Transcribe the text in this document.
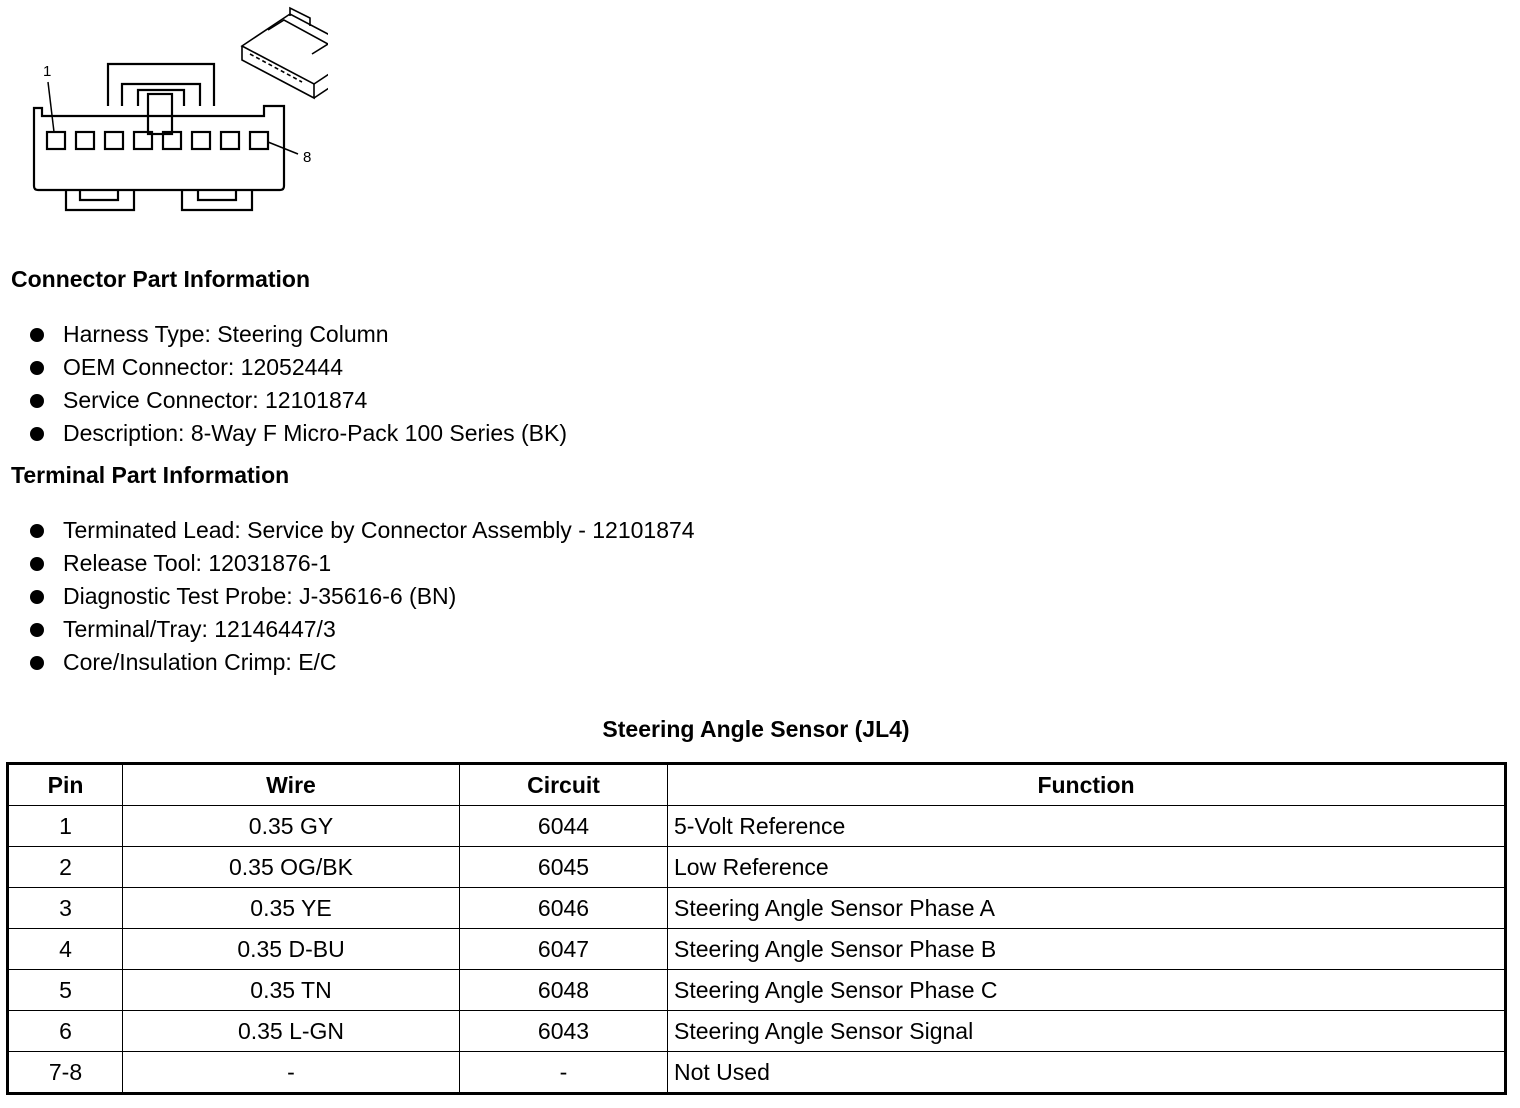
1
8
Connector Part Information
Harness Type: Steering Column
OEM Connector: 12052444
Service Connector: 12101874
Description: 8-Way F Micro-Pack 100 Series (BK)
Terminal Part Information
Terminated Lead: Service by Connector Assembly - 12101874
Release Tool: 12031876-1
Diagnostic Test Probe: J-35616-6 (BN)
Terminal/Tray: 12146447/3
Core/Insulation Crimp: E/C
Steering Angle Sensor (JL4)
Pin	Wire	Circuit	Function
1	0.35 GY	6044	5-Volt Reference
2	0.35 OG/BK	6045	Low Reference
3	0.35 YE	6046	Steering Angle Sensor Phase A
4	0.35 D-BU	6047	Steering Angle Sensor Phase B
5	0.35 TN	6048	Steering Angle Sensor Phase C
6	0.35 L-GN	6043	Steering Angle Sensor Signal
7-8	-	-	Not Used
